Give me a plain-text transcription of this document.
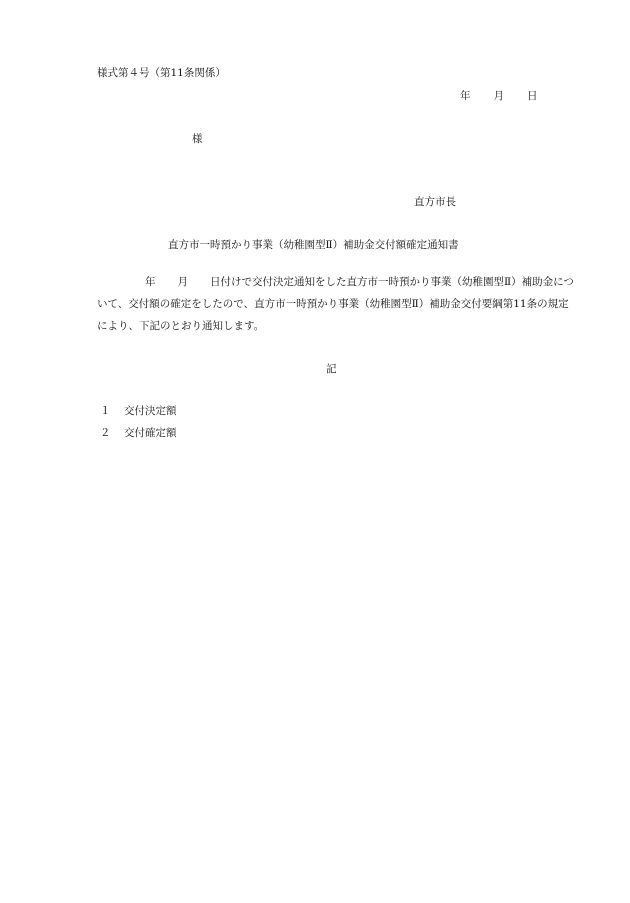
様式第４号（第11条関係）
年 月 日
様
直方市長
直方市一時預かり事業（幼稚園型Ⅱ）補助金交付額確定通知書
年 月 日付けで交付決定通知をした直方市一時預かり事業（幼稚園型Ⅱ）補助金について、交付額の確定をしたので、直方市一時預かり事業（幼稚園型Ⅱ）補助金交付要綱第11条の規定により、下記のとおり通知します。
記
１ 交付決定額
２ 交付確定額
